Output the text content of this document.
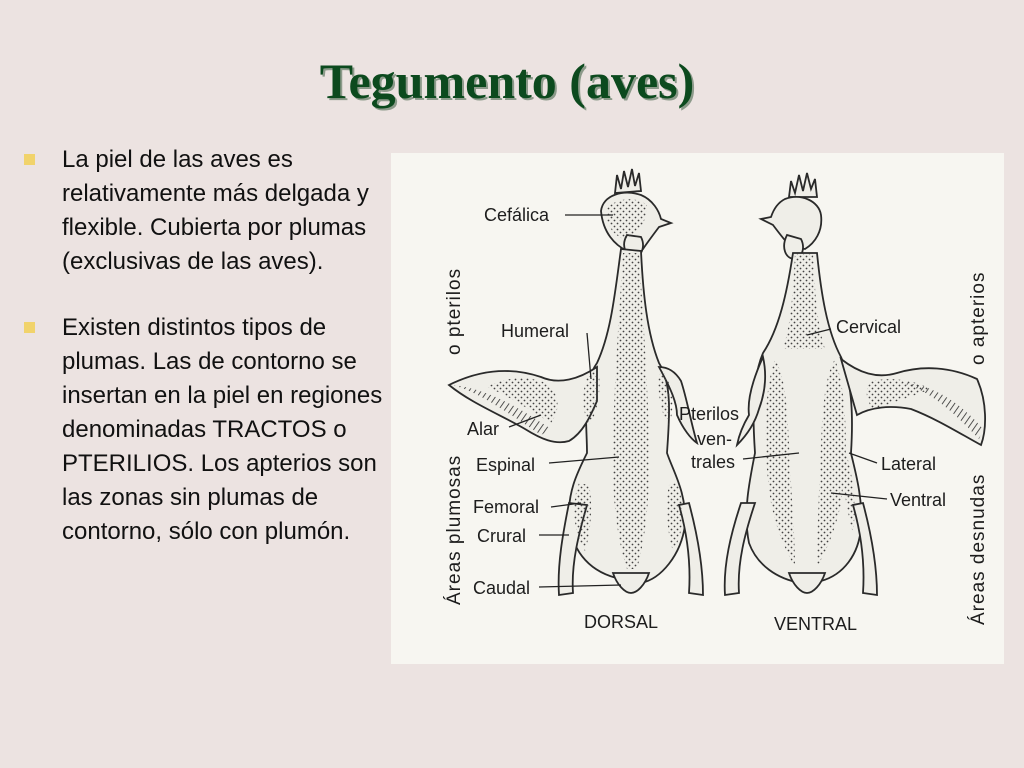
Tegumento (aves)
La piel de las aves es relativamente más delgada y flexible. Cubierta por plumas (exclusivas de las aves).
Existen distintos tipos de plumas. Las de contorno se insertan en la piel en regiones denominadas TRACTOS o PTERILIOS. Los apterios son las zonas sin plumas de contorno, sólo con plumón.
Cefálica
Humeral
Alar
Espinal
Femoral
Crural
Caudal
Cervical
Pterilos
ven-
trales	Lateral
Ventral
DORSAL	VENTRAL
Áreas plumosas
o pterilos
Áreas desnudas
o apterios
